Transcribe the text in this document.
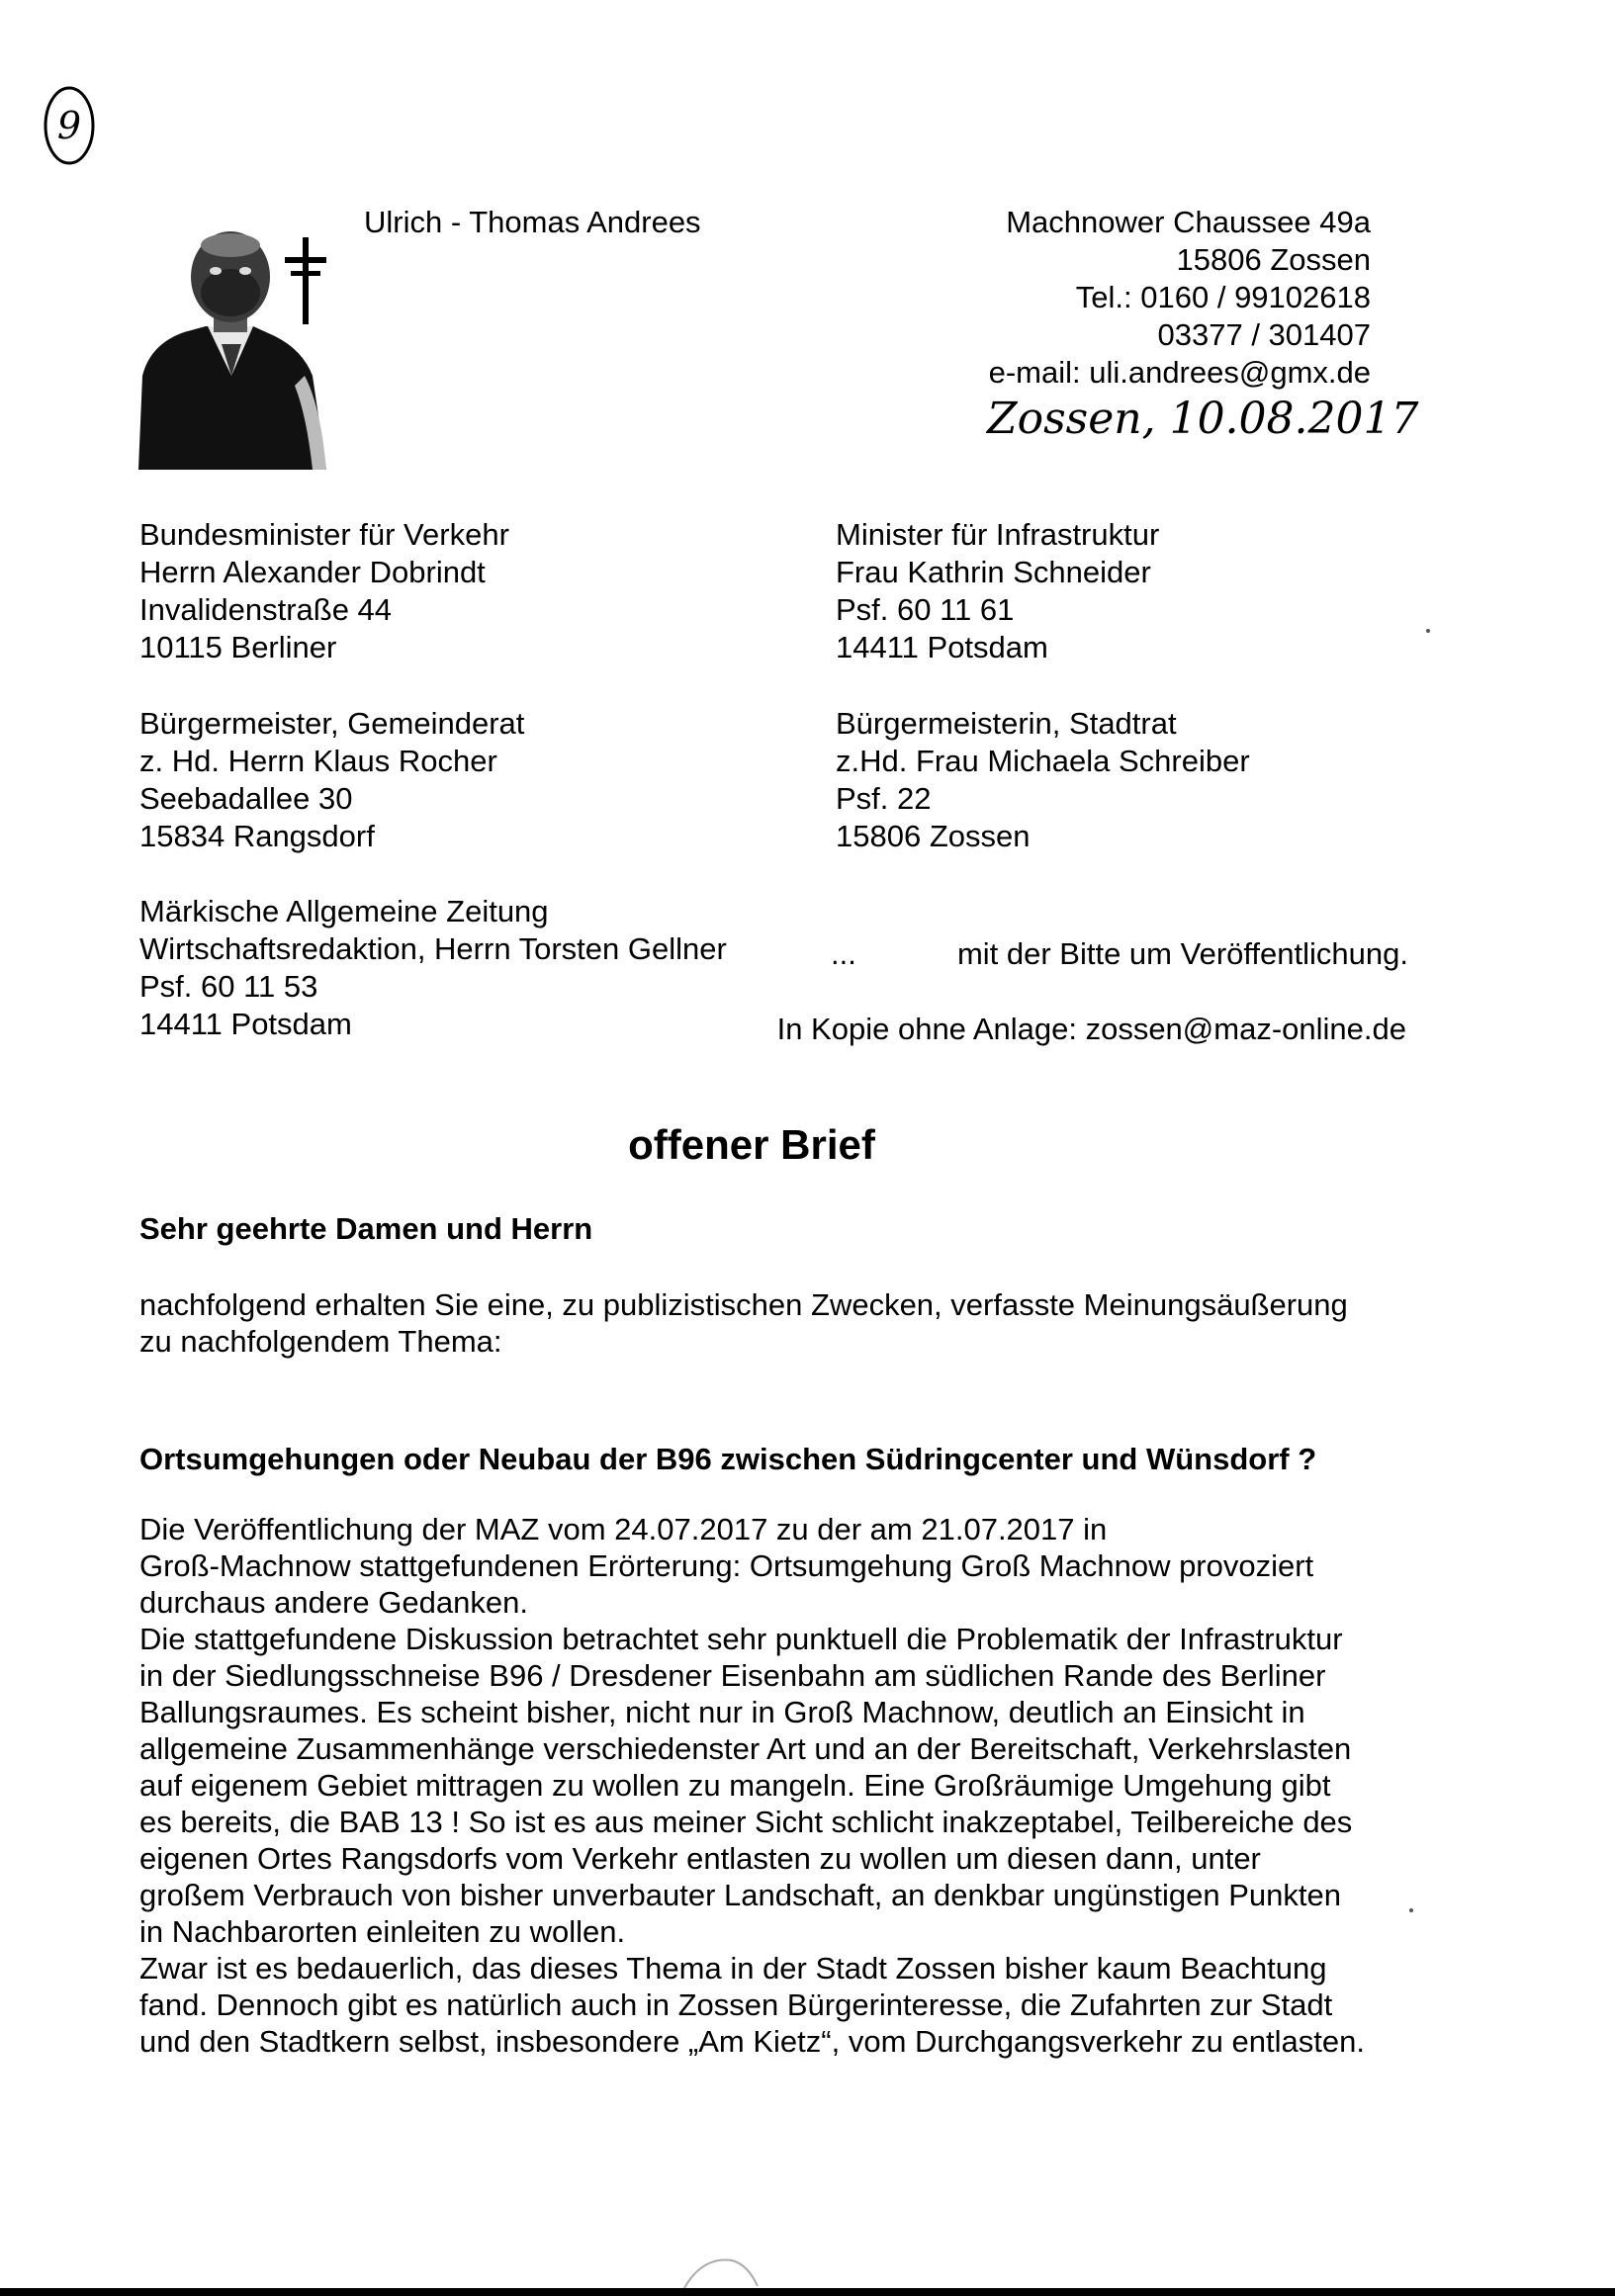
9
Ulrich - Thomas Andrees	Machnower Chaussee 49a
15806 Zossen
Tel.: 0160 / 99102618
03377 / 301407
e-mail: uli.andrees@gmx.de
Zossen, 10.08.2017
Bundesminister für Verkehr
Herrn Alexander Dobrindt
Invalidenstraße 44
10115 Berliner
Minister für Infrastruktur
Frau Kathrin Schneider
Psf. 60 11 61
14411 Potsdam
Bürgermeister, Gemeinderat
z. Hd. Herrn Klaus Rocher
Seebadallee 30
15834 Rangsdorf
Bürgermeisterin, Stadtrat
z.Hd. Frau Michaela Schreiber
Psf. 22
15806 Zossen
Märkische Allgemeine Zeitung
Wirtschaftsredaktion, Herrn Torsten Gellner
Psf. 60 11 53
14411 Potsdam
...	mit der Bitte um Veröffentlichung.
In Kopie ohne Anlage: zossen@maz-online.de
offener Brief
Sehr geehrte Damen und Herrn
nachfolgend erhalten Sie eine, zu publizistischen Zwecken, verfasste Meinungsäußerung
zu nachfolgendem Thema:
Ortsumgehungen oder Neubau der B96 zwischen Südringcenter und Wünsdorf ?
Die Veröffentlichung der MAZ vom 24.07.2017 zu der am 21.07.2017 in
Groß-Machnow stattgefundenen Erörterung: Ortsumgehung Groß Machnow provoziert
durchaus andere Gedanken.
Die stattgefundene Diskussion betrachtet sehr punktuell die Problematik der Infrastruktur
in der Siedlungsschneise B96 / Dresdener Eisenbahn am südlichen Rande des Berliner
Ballungsraumes. Es scheint bisher, nicht nur in Groß Machnow, deutlich an Einsicht in
allgemeine Zusammenhänge verschiedenster Art und an der Bereitschaft, Verkehrslasten
auf eigenem Gebiet mittragen zu wollen zu mangeln. Eine Großräumige Umgehung gibt
es bereits, die BAB 13 ! So ist es aus meiner Sicht schlicht inakzeptabel, Teilbereiche des
eigenen Ortes Rangsdorfs vom Verkehr entlasten zu wollen um diesen dann, unter
großem Verbrauch von bisher unverbauter Landschaft, an denkbar ungünstigen Punkten
in Nachbarorten einleiten zu wollen.
Zwar ist es bedauerlich, das dieses Thema in der Stadt Zossen bisher kaum Beachtung
fand. Dennoch gibt es natürlich auch in Zossen Bürgerinteresse, die Zufahrten zur Stadt
und den Stadtkern selbst, insbesondere „Am Kietz“, vom Durchgangsverkehr zu entlasten.
